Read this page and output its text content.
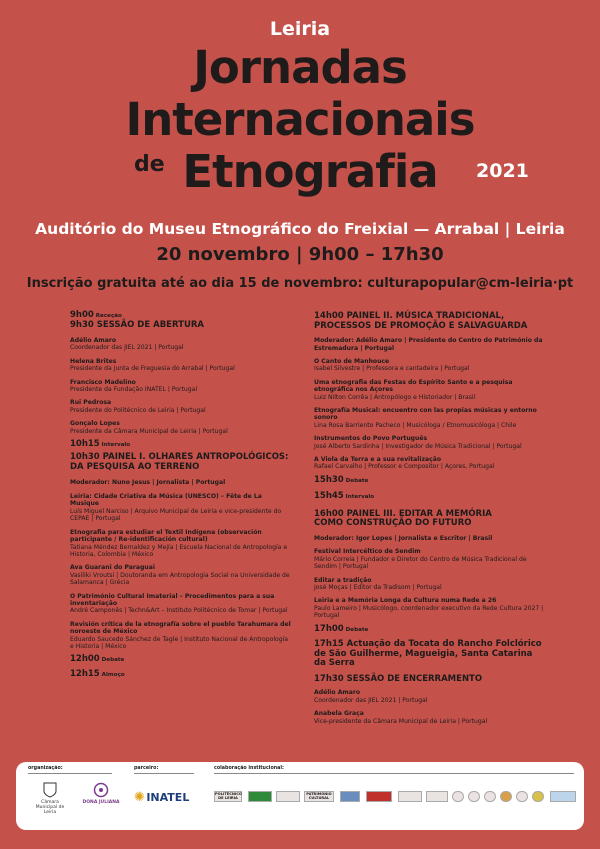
Leiria
Jornadas
Internacionais
de Etnografia	2021
Auditório do Museu Etnográfico do Freixial — Arrabal | Leiria
20 novembro | 9h00 – 17h30
Inscrição gratuita até ao dia 15 de novembro: culturapopular@cm-leiria·pt
9h00 Receção
9h30 SESSÃO DE ABERTURA
Adélio Amaro
Coordenador das JIEL 2021 | Portugal
Helena Brites
Presidente da Junta de Freguesia do Arrabal | Portugal
Francisco Madelino
Presidente da Fundação INATEL | Portugal
Rui Pedrosa
Presidente do Politécnico de Leiria | Portugal
Gonçalo Lopes
Presidente da Câmara Municipal de Leiria | Portugal
10h15 Intervalo
10h30 PAINEL I. OLHARES ANTROPOLÓGICOS:
DA PESQUISA AO TERRENO
Moderador: Nuno Jesus | Jornalista | Portugal
Leiria: Cidade Criativa da Música (UNESCO) – Fête de La Musique
Luís Miguel Narciso | Arquivo Municipal de Leiria e vice-presidente do CEPAE | Portugal
Etnografia para estudiar el Textil Indígena (observación participante / Re-identificación cultural)
Tatiana Méndez Bernaldez y Mejía | Escuela Nacional de Antropología e Historia, Colombia | México
Ava Guarani do Paraguai
Vasiliki Vroutsi | Doutoranda em Antropologia Social na Universidade de Salamanca | Grécia
O Património Cultural Imaterial – Procedimentos para a sua inventariação
André Camponês | Techn&Art – Instituto Politécnico de Tomar | Portugal
Revisión crítica de la etnografía sobre el pueblo Tarahumara del noroeste de México
Eduardo Saucedo Sánchez de Tagle | Instituto Nacional de Antropología e Historia | México
12h00 Debate
12h15 Almoço
14h00 PAINEL II. MÚSICA TRADICIONAL,
PROCESSOS DE PROMOÇÃO E SALVAGUARDA
Moderador: Adélio Amaro | Presidente do Centro do Património da Estremadura | Portugal
O Canto de Manhouce
Isabel Silvestre | Professora e cantadeira | Portugal
Uma etnografia das Festas do Espírito Santo e a pesquisa etnográfica nos Açores
Luiz Nilton Corrêa | Antropólogo e Historiador | Brasil
Etnografía Musical: encuentro con las propias músicas y entorno sonoro
Lina Rosa Barriento Pacheco | Musicóloga / Etnomusicóloga | Chile
Instrumentos do Povo Português
José Alberto Sardinha | Investigador de Música Tradicional | Portugal
A Viola da Terra e a sua revitalização
Rafael Carvalho | Professor e Compositor | Açores, Portugal
15h30 Debate
15h45 Intervalo
16h00 PAINEL III. EDITAR A MEMÓRIA
COMO CONSTRUÇÃO DO FUTURO
Moderador: Igor Lopes | Jornalista e Escritor | Brasil
Festival Intercéltico de Sendim
Mário Correia | Fundador e Diretor do Centro de Música Tradicional de Sendim | Portugal
Editar a tradição
José Moças | Editor da Tradisom | Portugal
Leiria e a Memória Longa da Cultura numa Rede a 26
Paulo Lameiro | Musicólogo, coordenador executivo da Rede Cultura 2027 | Portugal
17h00 Debate
17h15 Actuação da Tocata do Rancho Folclórico
de São Guilherme, Magueigia, Santa Catarina da Serra
17h30 SESSÃO DE ENCERRAMENTO
Adélio Amaro
Coordenador das JIEL 2021 | Portugal
Anabela Graça
Vice-presidente da Câmara Municipal de Leiria | Portugal
organização:	parceiro:	colaboração institucional:
Câmara Municipal de Leiria
DONA JULIANA	✺ INATEL	POLITÉCNICO DE LEIRIA
PATRIMÓNIO CULTURAL
